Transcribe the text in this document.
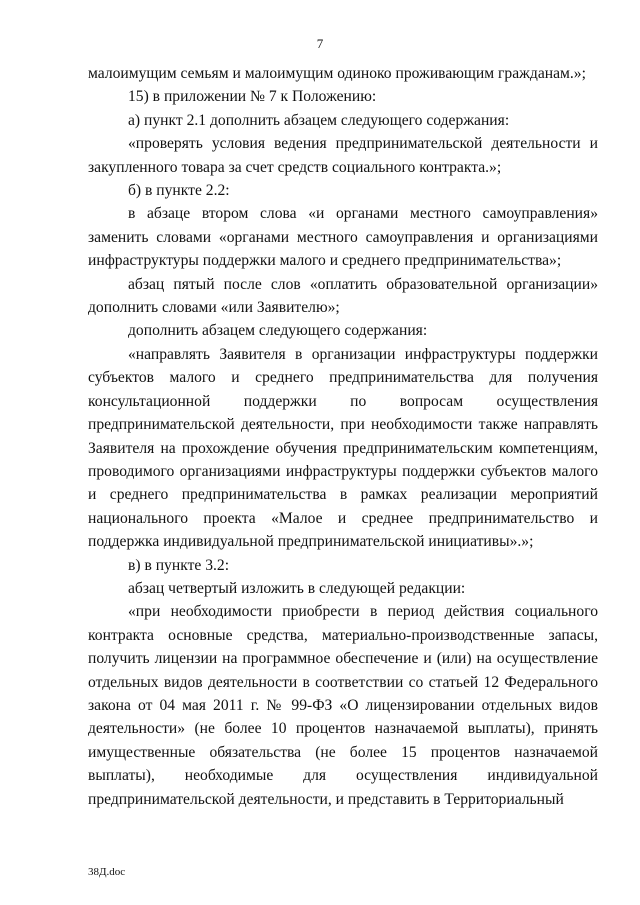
7

малоимущим семьям и малоимущим одиноко проживающим гражданам.»;

15) в приложении № 7 к Положению:

а) пункт 2.1 дополнить абзацем следующего содержания:

«проверять условия ведения предпринимательской деятельности и закупленного товара за счет средств социального контракта.»;

б) в пункте 2.2:

в абзаце втором слова «и органами местного самоуправления» заменить словами «органами местного самоуправления и организациями инфраструктуры поддержки малого и среднего предпринимательства»;

абзац пятый после слов «оплатить образовательной организации» дополнить словами «или Заявителю»;

дополнить абзацем следующего содержания:

«направлять Заявителя в организации инфраструктуры поддержки субъектов малого и среднего предпринимательства для получения консультационной поддержки по вопросам осуществления предпринимательской деятельности, при необходимости также направлять Заявителя на прохождение обучения предпринимательским компетенциям, проводимого организациями инфраструктуры поддержки субъектов малого и среднего предпринимательства в рамках реализации мероприятий национального проекта «Малое и среднее предпринимательство и поддержка индивидуальной предпринимательской инициативы».»;

в) в пункте 3.2:

абзац четвертый изложить в следующей редакции:

«при необходимости приобрести в период действия социального контракта основные средства, материально-производственные запасы, получить лицензии на программное обеспечение и (или) на осуществление отдельных видов деятельности в соответствии со статьей 12 Федерального закона от 04 мая 2011 г. № 99-ФЗ «О лицензировании отдельных видов деятельности» (не более 10 процентов назначаемой выплаты), принять имущественные обязательства (не более 15 процентов назначаемой выплаты), необходимые для осуществления индивидуальной предпринимательской деятельности, и представить в Территориальный

38Д.doc
